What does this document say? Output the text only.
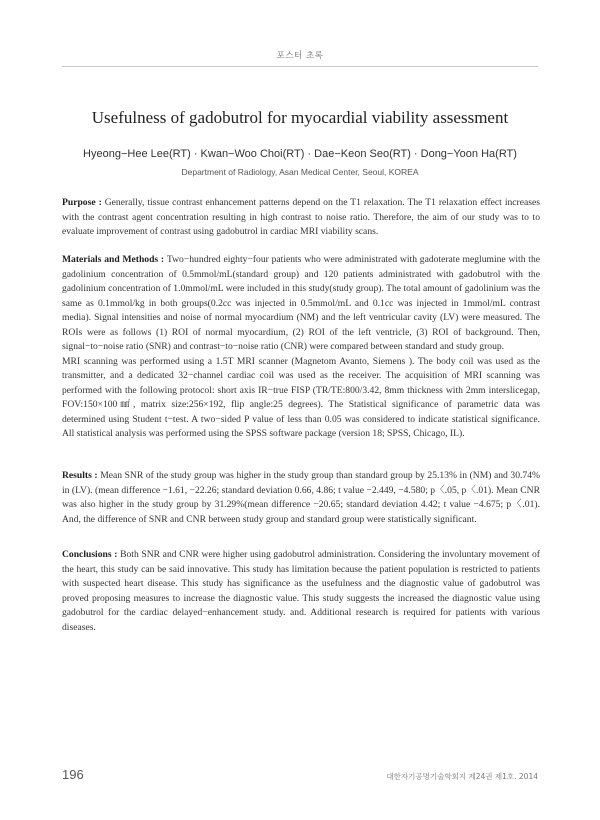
포스터 초록
Usefulness of gadobutrol for myocardial viability assessment
Hyeong−Hee Lee(RT) · Kwan−Woo Choi(RT) · Dae−Keon Seo(RT) · Dong−Yoon Ha(RT)
Department of Radiology, Asan Medical Center, Seoul, KOREA

Purpose : Generally, tissue contrast enhancement patterns depend on the T1 relaxation. The T1 relaxation effect increases with the contrast agent concentration resulting in high contrast to noise ratio. Therefore, the aim of our study was to to evaluate improvement of contrast using gadobutrol in cardiac MRI viability scans.

Materials and Methods : Two−hundred eighty−four patients who were administrated with gadoterate meglumine with the gadolinium concentration of 0.5mmol/mL(standard group) and 120 patients administrated with gadobutrol with the gadolinium concentration of 1.0mmol/mL were included in this study(study group). The total amount of gadolinium was the same as 0.1mmol/kg in both groups(0.2cc was injected in 0.5mmol/mL and 0.1cc was injected in 1mmol/mL contrast media). Signal intensities and noise of normal myocardium (NM) and the left ventricular cavity (LV) were measured. The ROIs were as follows (1) ROI of normal myocardium, (2) ROI of the left ventricle, (3) ROI of background. Then, signal−to−noise ratio (SNR) and contrast−to−noise ratio (CNR) were compared between standard and study group.

MRI scanning was performed using a 1.5T MRI scanner (Magnetom Avanto, Siemens ). The body coil was used as the transmitter, and a dedicated 32−channel cardiac coil was used as the receiver. The acquisition of MRI scanning was performed with the following protocol: short axis IR−true FISP (TR/TE:800/3.42, 8mm thickness with 2mm interslicegap, FOV:150×100㎟, matrix size:256×192, flip angle:25 degrees). The Statistical significance of parametric data was determined using Student t−test. A two−sided P value of less than 0.05 was considered to indicate statistical significance. All statistical analysis was performed using the SPSS software package (version 18; SPSS, Chicago, IL).

Results : Mean SNR of the study group was higher in the study group than standard group by 25.13% in (NM) and 30.74% in (LV). (mean difference −1.61, −22.26; standard deviation 0.66, 4.86; t value −2.449, −4.580; p〈.05, p〈.01). Mean CNR was also higher in the study group by 31.29%(mean difference −20.65; standard deviation 4.42; t value −4.675; p〈.01). And, the difference of SNR and CNR between study group and standard group were statistically significant.

Conclusions : Both SNR and CNR were higher using gadobutrol administration. Considering the involuntary movement of the heart, this study can be said innovative. This study has limitation because the patient population is restricted to patients with suspected heart disease. This study has significance as the usefulness and the diagnostic value of gadobutrol was proved proposing measures to increase the diagnostic value. This study suggests the increased the diagnostic value using gadobutrol for the cardiac delayed−enhancement study. and. Additional research is required for patients with various diseases.

196	대한자기공명기술학회지 제24권 제1호. 2014
